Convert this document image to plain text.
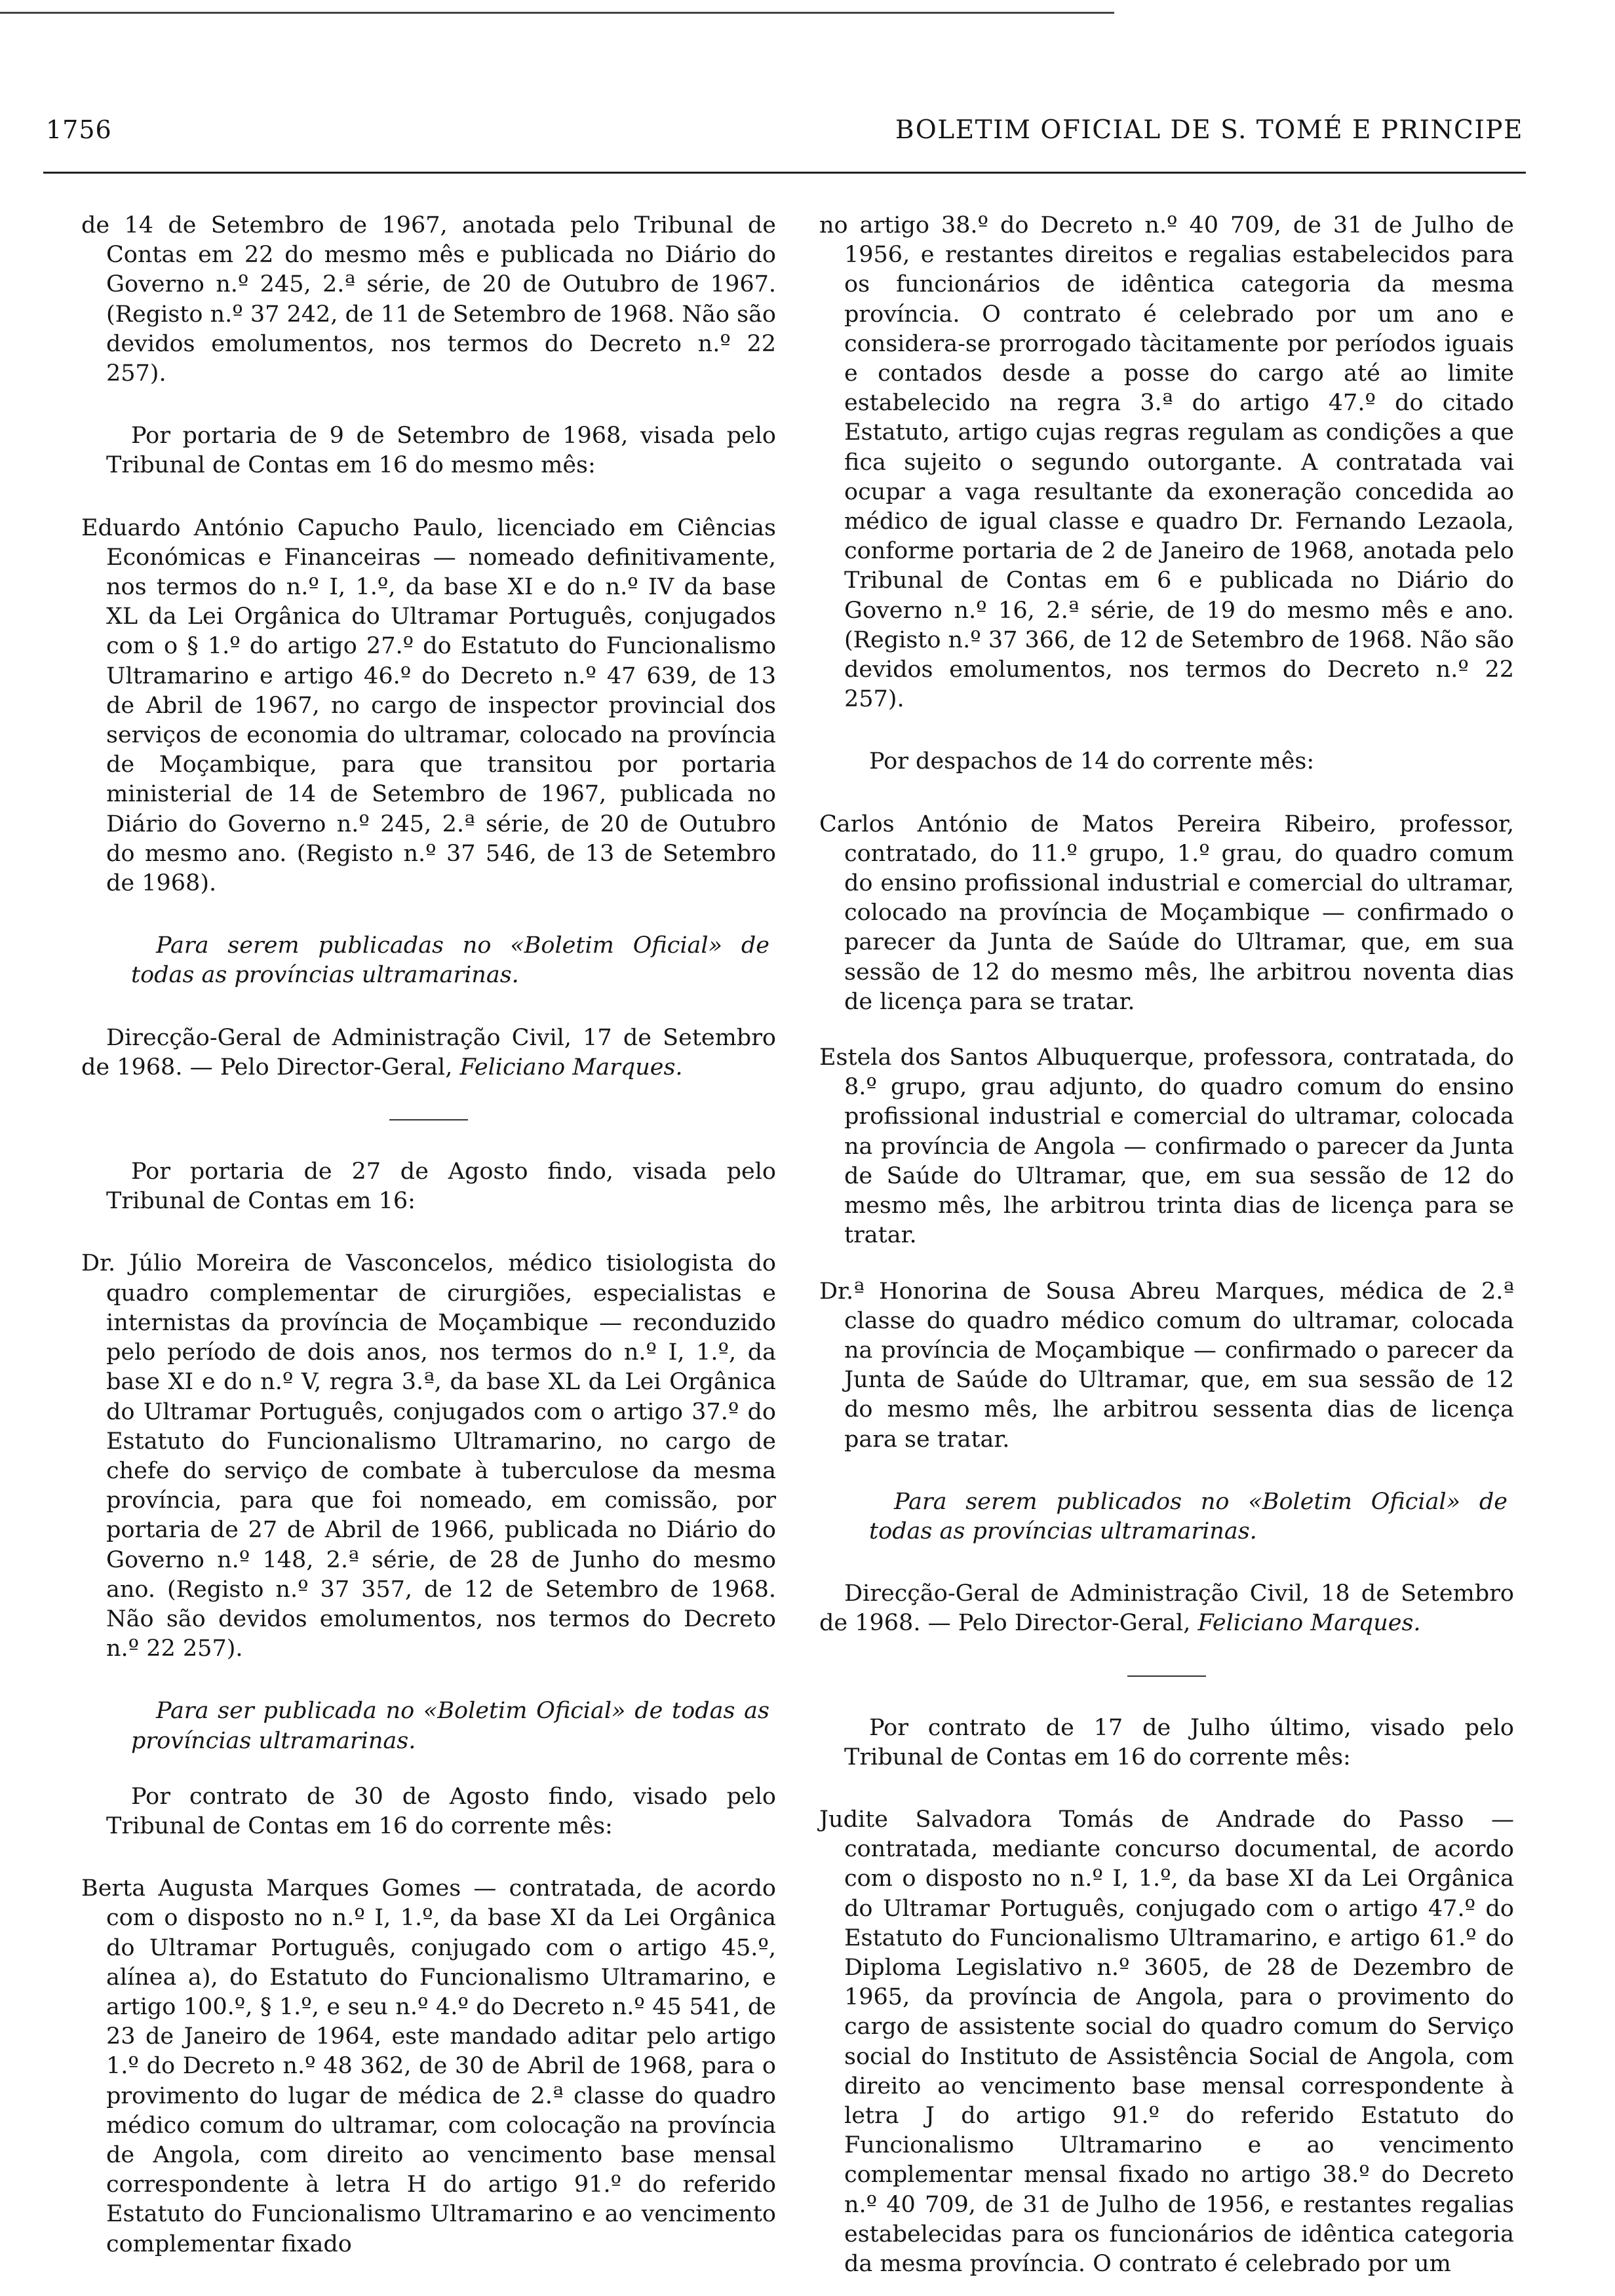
1756	BOLETIM OFICIAL DE S. TOMÉ E PRINCIPE

de 14 de Setembro de 1967, anotada pelo Tribunal de Contas em 22 do mesmo mês e publicada no Diário do Governo n.º 245, 2.ª série, de 20 de Outubro de 1967. (Registo n.º 37 242, de 11 de Setembro de 1968. Não são devidos emolumentos, nos termos do Decreto n.º 22 257).

Por portaria de 9 de Setembro de 1968, visada pelo Tribunal de Contas em 16 do mesmo mês:

Eduardo António Capucho Paulo, licenciado em Ciências Económicas e Financeiras — nomeado definitivamente, nos termos do n.º I, 1.º, da base XI e do n.º IV da base XL da Lei Orgânica do Ultramar Português, conjugados com o § 1.º do artigo 27.º do Estatuto do Funcionalismo Ultramarino e artigo 46.º do Decreto n.º 47 639, de 13 de Abril de 1967, no cargo de inspector provincial dos serviços de economia do ultramar, colocado na província de Moçambique, para que transitou por portaria ministerial de 14 de Setembro de 1967, publicada no Diário do Governo n.º 245, 2.ª série, de 20 de Outubro do mesmo ano. (Registo n.º 37 546, de 13 de Setembro de 1968).

Para serem publicadas no «Boletim Oficial» de todas as províncias ultramarinas.

Direcção-Geral de Administração Civil, 17 de Setembro de 1968. — Pelo Director-Geral, Feliciano Marques.

Por portaria de 27 de Agosto findo, visada pelo Tribunal de Contas em 16:

Dr. Júlio Moreira de Vasconcelos, médico tisiologista do quadro complementar de cirurgiões, especialistas e internistas da província de Moçambique — reconduzido pelo período de dois anos, nos termos do n.º I, 1.º, da base XI e do n.º V, regra 3.ª, da base XL da Lei Orgânica do Ultramar Português, conjugados com o artigo 37.º do Estatuto do Funcionalismo Ultramarino, no cargo de chefe do serviço de combate à tuberculose da mesma província, para que foi nomeado, em comissão, por portaria de 27 de Abril de 1966, publicada no Diário do Governo n.º 148, 2.ª série, de 28 de Junho do mesmo ano. (Registo n.º 37 357, de 12 de Setembro de 1968. Não são devidos emolumentos, nos termos do Decreto n.º 22 257).

Para ser publicada no «Boletim Oficial» de todas as províncias ultramarinas.

Por contrato de 30 de Agosto findo, visado pelo Tribunal de Contas em 16 do corrente mês:

Berta Augusta Marques Gomes — contratada, de acordo com o disposto no n.º I, 1.º, da base XI da Lei Orgânica do Ultramar Português, conjugado com o artigo 45.º, alínea a), do Estatuto do Funcionalismo Ultramarino, e artigo 100.º, § 1.º, e seu n.º 4.º do Decreto n.º 45 541, de 23 de Janeiro de 1964, este mandado aditar pelo artigo 1.º do Decreto n.º 48 362, de 30 de Abril de 1968, para o provimento do lugar de médica de 2.ª classe do quadro médico comum do ultramar, com colocação na província de Angola, com direito ao vencimento base mensal correspondente à letra H do artigo 91.º do referido Estatuto do Funcionalismo Ultramarino e ao vencimento complementar fixado

no artigo 38.º do Decreto n.º 40 709, de 31 de Julho de 1956, e restantes direitos e regalias estabelecidos para os funcionários de idêntica categoria da mesma província. O contrato é celebrado por um ano e considera-se prorrogado tàcitamente por períodos iguais e contados desde a posse do cargo até ao limite estabelecido na regra 3.ª do artigo 47.º do citado Estatuto, artigo cujas regras regulam as condições a que fica sujeito o segundo outorgante. A contratada vai ocupar a vaga resultante da exoneração concedida ao médico de igual classe e quadro Dr. Fernando Lezaola, conforme portaria de 2 de Janeiro de 1968, anotada pelo Tribunal de Contas em 6 e publicada no Diário do Governo n.º 16, 2.ª série, de 19 do mesmo mês e ano. (Registo n.º 37 366, de 12 de Setembro de 1968. Não são devidos emolumentos, nos termos do Decreto n.º 22 257).

Por despachos de 14 do corrente mês:

Carlos António de Matos Pereira Ribeiro, professor, contratado, do 11.º grupo, 1.º grau, do quadro comum do ensino profissional industrial e comercial do ultramar, colocado na província de Moçambique — confirmado o parecer da Junta de Saúde do Ultramar, que, em sua sessão de 12 do mesmo mês, lhe arbitrou noventa dias de licença para se tratar.

Estela dos Santos Albuquerque, professora, contratada, do 8.º grupo, grau adjunto, do quadro comum do ensino profissional industrial e comercial do ultramar, colocada na província de Angola — confirmado o parecer da Junta de Saúde do Ultramar, que, em sua sessão de 12 do mesmo mês, lhe arbitrou trinta dias de licença para se tratar.

Dr.ª Honorina de Sousa Abreu Marques, médica de 2.ª classe do quadro médico comum do ultramar, colocada na província de Moçambique — confirmado o parecer da Junta de Saúde do Ultramar, que, em sua sessão de 12 do mesmo mês, lhe arbitrou sessenta dias de licença para se tratar.

Para serem publicados no «Boletim Oficial» de todas as províncias ultramarinas.

Direcção-Geral de Administração Civil, 18 de Setembro de 1968. — Pelo Director-Geral, Feliciano Marques.

Por contrato de 17 de Julho último, visado pelo Tribunal de Contas em 16 do corrente mês:

Judite Salvadora Tomás de Andrade do Passo — contratada, mediante concurso documental, de acordo com o disposto no n.º I, 1.º, da base XI da Lei Orgânica do Ultramar Português, conjugado com o artigo 47.º do Estatuto do Funcionalismo Ultramarino, e artigo 61.º do Diploma Legislativo n.º 3605, de 28 de Dezembro de 1965, da província de Angola, para o provimento do cargo de assistente social do quadro comum do Serviço social do Instituto de Assistência Social de Angola, com direito ao vencimento base mensal correspondente à letra J do artigo 91.º do referido Estatuto do Funcionalismo Ultramarino e ao vencimento complementar mensal fixado no artigo 38.º do Decreto n.º 40 709, de 31 de Julho de 1956, e restantes regalias estabelecidas para os funcionários de idêntica categoria da mesma província. O contrato é celebrado por um
